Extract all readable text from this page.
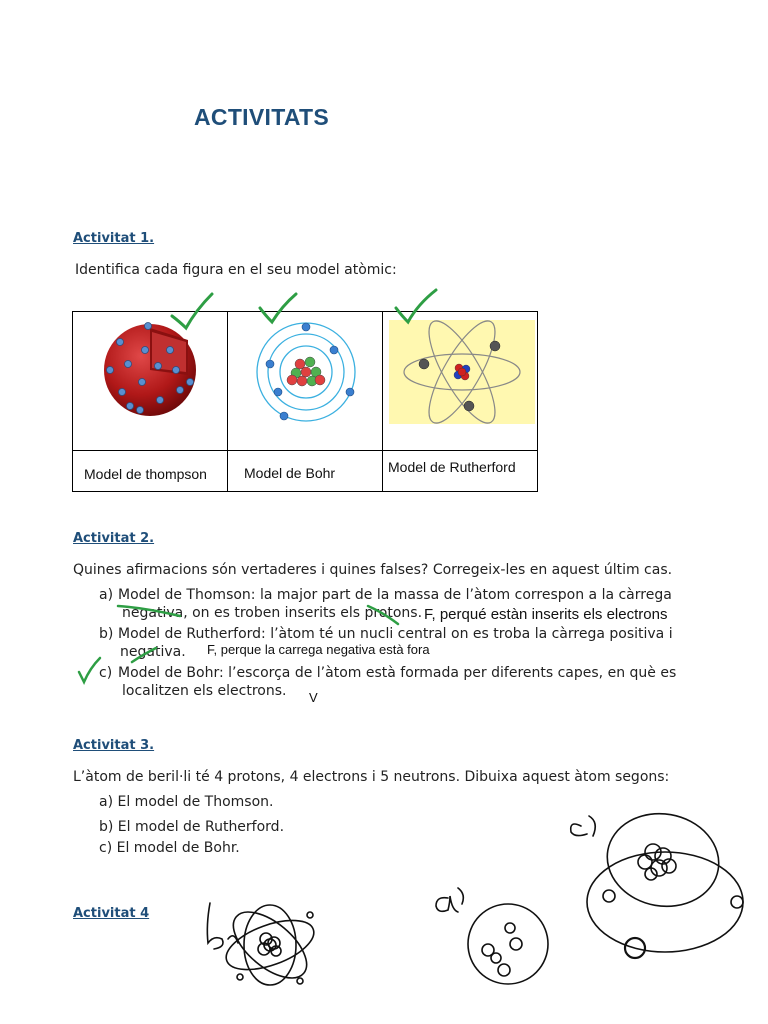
ACTIVITATS
Activitat 1.
Identifica cada figura en el seu model atòmic:
Model de thompson	Model de Bohr	Model de Rutherford
Activitat 2.
Quines afirmacions són vertaderes i quines falses? Corregeix-les en aquest últim cas.
a) Model de Thomson: la major part de la massa de l’àtom correspon a la càrrega
negativa, on es troben inserits els protons. F, perqué estàn inserits els electrons
b) Model de Rutherford: l’àtom té un nucli central on es troba la càrrega positiva i
negativa. F, perque la carrega negativa està fora
c) Model de Bohr: l’escorça de l’àtom està formada per diferents capes, en què es
localitzen els electrons. V
Activitat 3.
L’àtom de beril·li té 4 protons, 4 electrons i 5 neutrons. Dibuixa aquest àtom segons:
a) El model de Thomson.
b) El model de Rutherford.
c) El model de Bohr.
Activitat 4
